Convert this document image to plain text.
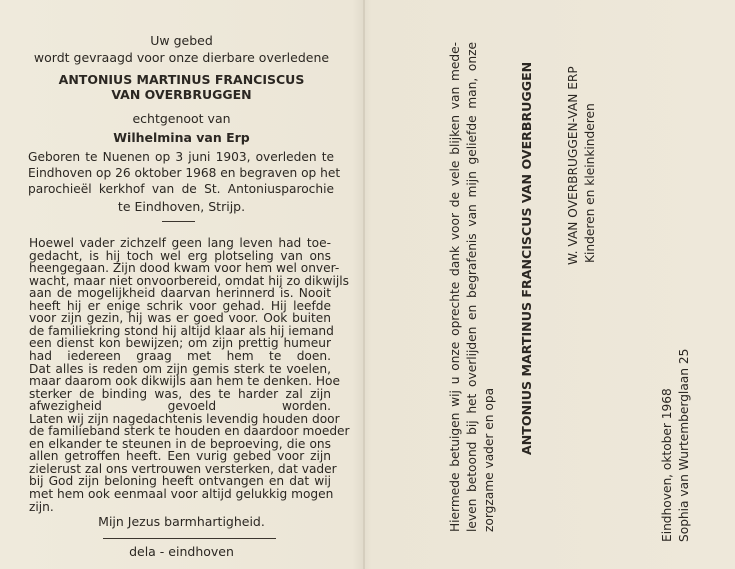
Uw gebed
wordt gevraagd voor onze dierbare overledene
ANTONIUS MARTINUS FRANCISCUS
VAN OVERBRUGGEN
echtgenoot van
Wilhelmina van Erp
Geboren te Nuenen op 3 juni 1903, overleden te
Eindhoven op 26 oktober 1968 en begraven op het
parochieël kerkhof van de St. Antoniusparochie
te Eindhoven, Strijp.
Hoewel vader zichzelf geen lang leven had toe-
gedacht, is hij toch wel erg plotseling van ons
heengegaan. Zijn dood kwam voor hem wel onver-
wacht, maar niet onvoorbereid, omdat hij zo dikwijls
aan de mogelijkheid daarvan herinnerd is. Nooit
heeft hij er enige schrik voor gehad. Hij leefde
voor zijn gezin, hij was er goed voor. Ook buiten
de familiekring stond hij altijd klaar als hij iemand
een dienst kon bewijzen; om zijn prettig humeur
had iedereen graag met hem te doen.
Dat alles is reden om zijn gemis sterk te voelen,
maar daarom ook dikwijls aan hem te denken. Hoe
sterker de binding was, des te harder zal zijn
afwezigheid gevoeld worden.
Laten wij zijn nagedachtenis levendig houden door
de familieband sterk te houden en daardoor moeder
en elkander te steunen in de beproeving, die ons
allen getroffen heeft. Een vurig gebed voor zijn
zielerust zal ons vertrouwen versterken, dat vader
bij God zijn beloning heeft ontvangen en dat wij
met hem ook eenmaal voor altijd gelukkig mogen
zijn.
Mijn Jezus barmhartigheid.
dela - eindhoven
Hiermede betuigen wij u onze oprechte dank voor de vele blijken van mede- leven betoond bij het overlijden en begrafenis van mijn geliefde man, onze zorgzame vader en opa
ANTONIUS MARTINUS FRANCISCUS VAN OVERBRUGGEN	W. VAN OVERBRUGGEN-VAN ERP Kinderen en kleinkinderen
Eindhoven, oktober 1968 Sophia van Wurtemberglaan 25
